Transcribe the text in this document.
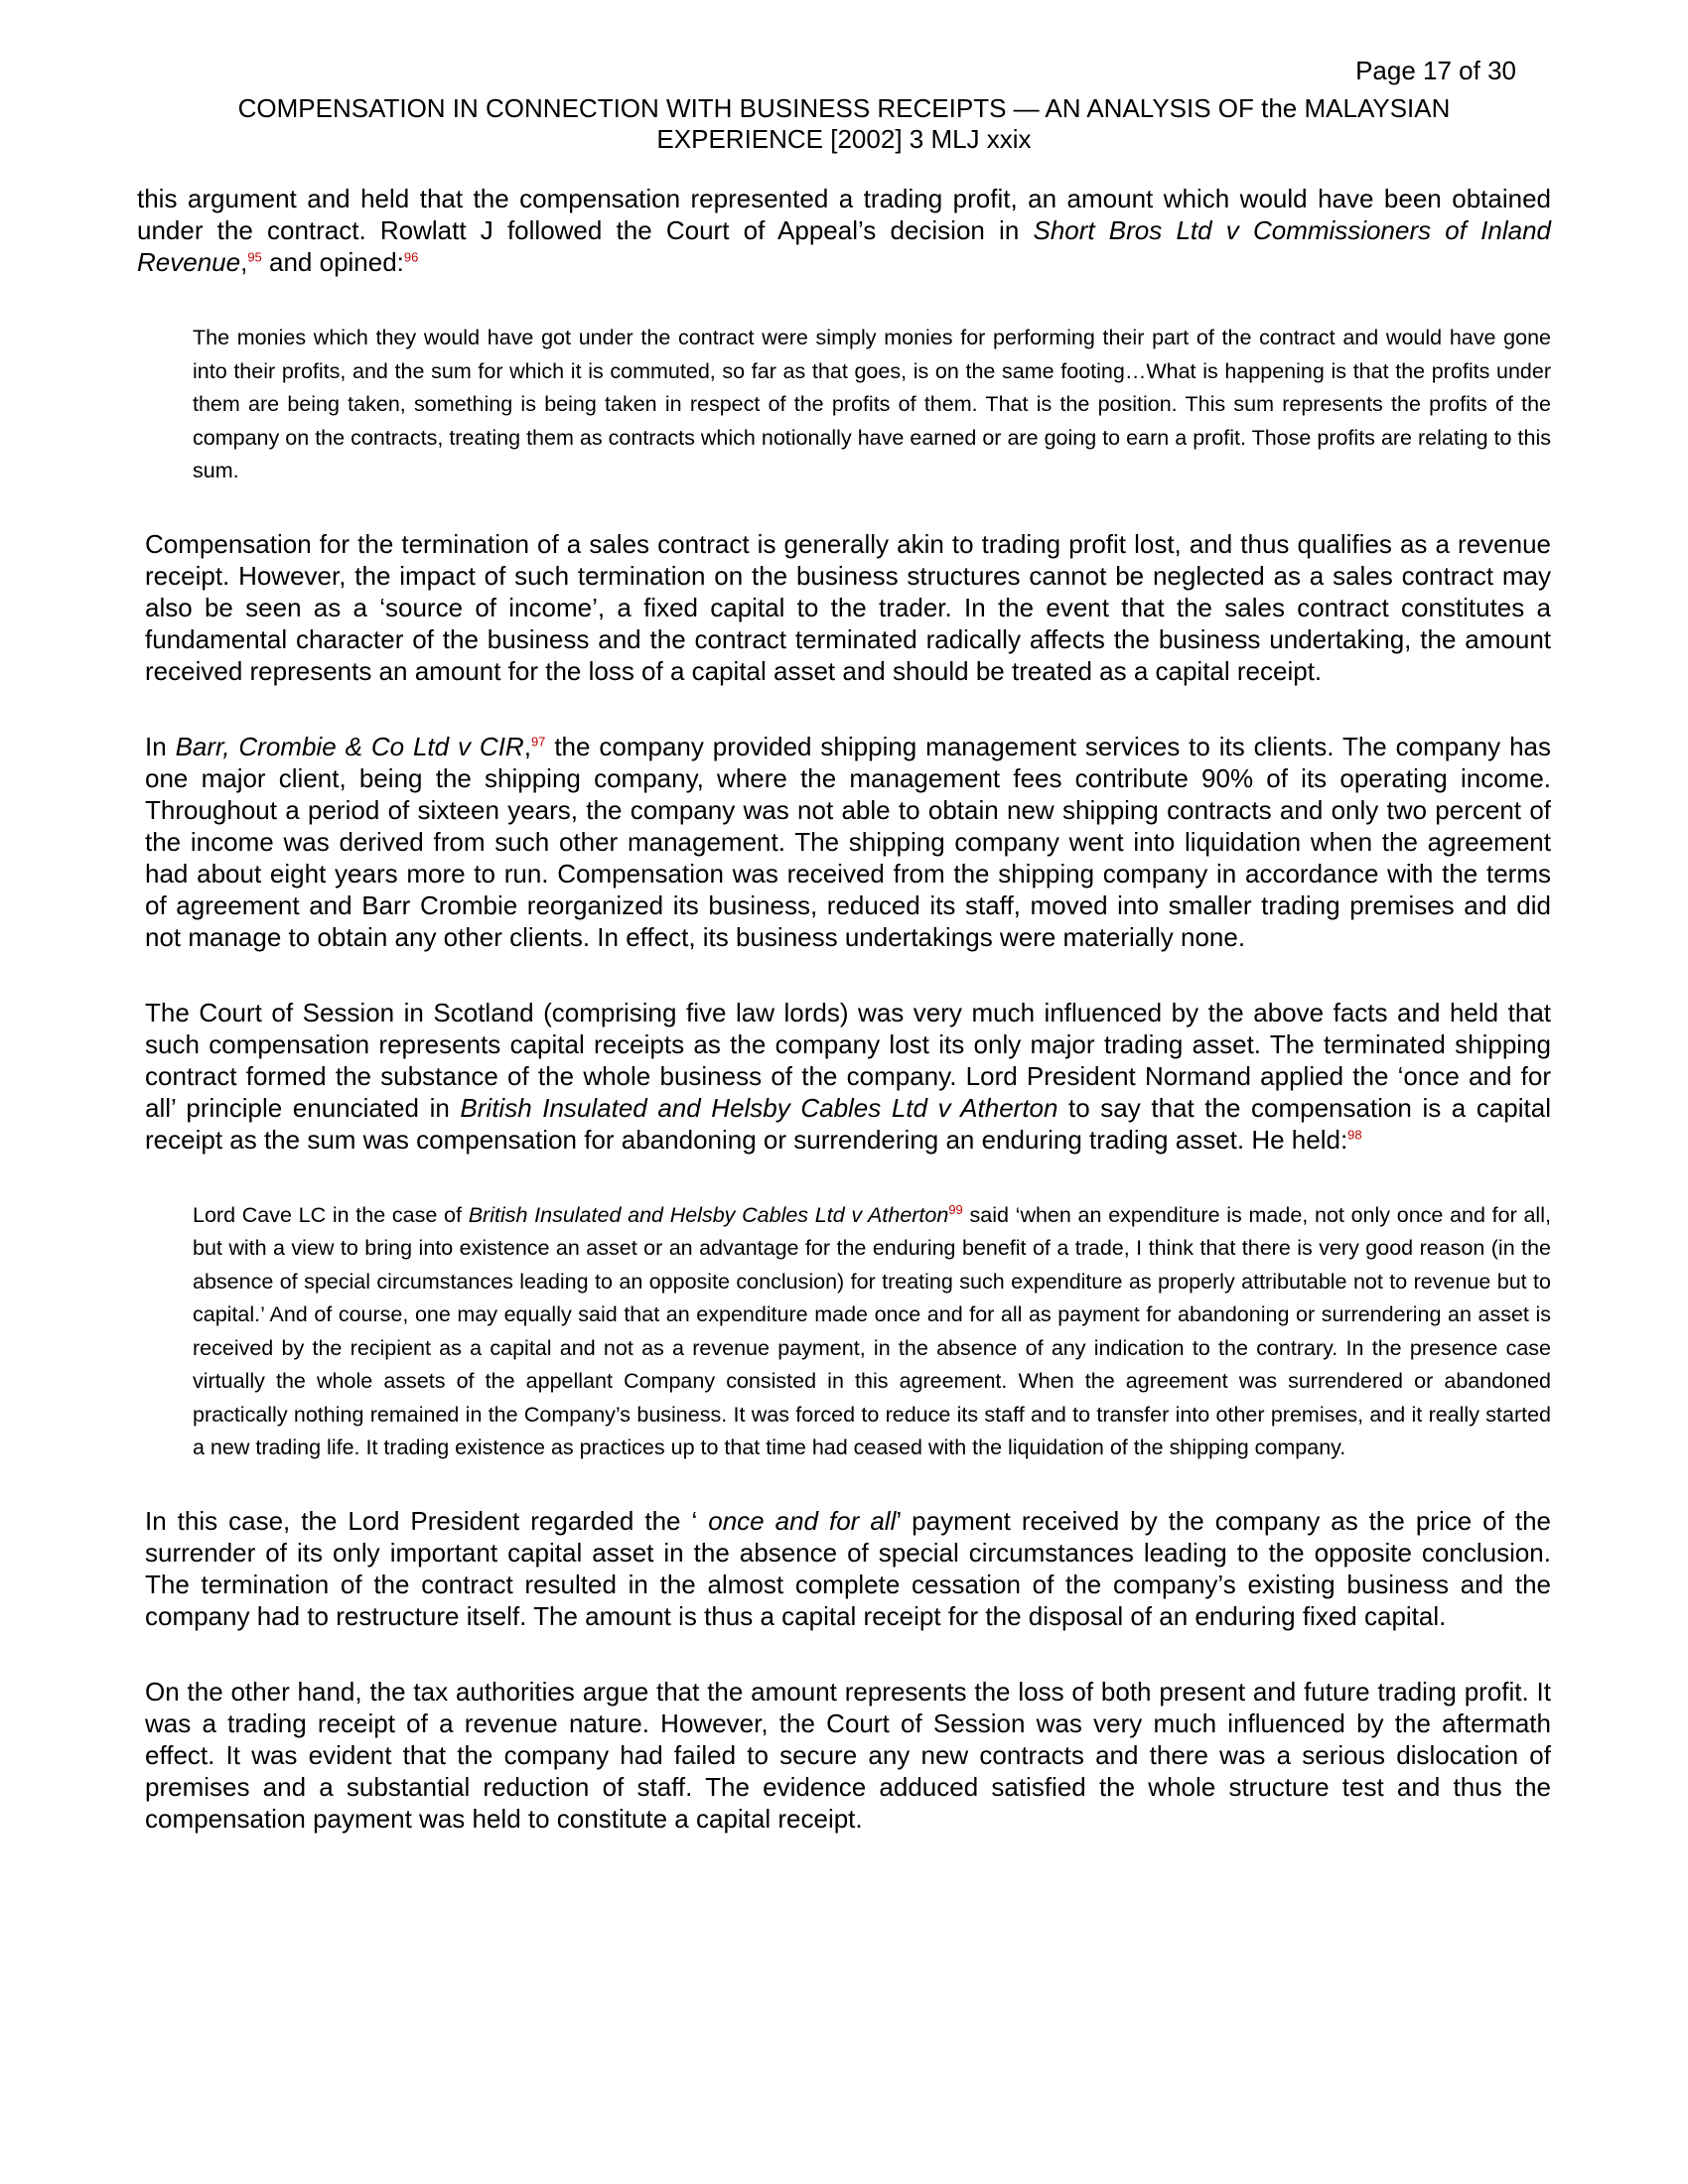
Page 17 of 30
COMPENSATION IN CONNECTION WITH BUSINESS RECEIPTS — AN ANALYSIS OF the MALAYSIAN
EXPERIENCE [2002] 3 MLJ xxix

this argument and held that the compensation represented a trading profit, an amount which would have been obtained under the contract. Rowlatt J followed the Court of Appeal’s decision in Short Bros Ltd v Commissioners of Inland Revenue,$^{95}$ and opined:$^{96}$

The monies which they would have got under the contract were simply monies for performing their part of the contract and would have gone into their profits, and the sum for which it is commuted, so far as that goes, is on the same footing…What is happening is that the profits under them are being taken, something is being taken in respect of the profits of them. That is the position. This sum represents the profits of the company on the contracts, treating them as contracts which notionally have earned or are going to earn a profit. Those profits are relating to this sum.

Compensation for the termination of a sales contract is generally akin to trading profit lost, and thus qualifies as a revenue receipt. However, the impact of such termination on the business structures cannot be neglected as a sales contract may also be seen as a ‘source of income’, a fixed capital to the trader. In the event that the sales contract constitutes a fundamental character of the business and the contract terminated radically affects the business undertaking, the amount received represents an amount for the loss of a capital asset and should be treated as a capital receipt.

In Barr, Crombie & Co Ltd v CIR,$^{97}$ the company provided shipping management services to its clients. The company has one major client, being the shipping company, where the management fees contribute 90% of its operating income. Throughout a period of sixteen years, the company was not able to obtain new shipping contracts and only two percent of the income was derived from such other management. The shipping company went into liquidation when the agreement had about eight years more to run. Compensation was received from the shipping company in accordance with the terms of agreement and Barr Crombie reorganized its business, reduced its staff, moved into smaller trading premises and did not manage to obtain any other clients. In effect, its business undertakings were materially none.

The Court of Session in Scotland (comprising five law lords) was very much influenced by the above facts and held that such compensation represents capital receipts as the company lost its only major trading asset. The terminated shipping contract formed the substance of the whole business of the company. Lord President Normand applied the ‘once and for all’ principle enunciated in British Insulated and Helsby Cables Ltd v Atherton to say that the compensation is a capital receipt as the sum was compensation for abandoning or surrendering an enduring trading asset. He held:$^{98}$

Lord Cave LC in the case of British Insulated and Helsby Cables Ltd v Atherton$^{99}$ said ‘when an expenditure is made, not only once and for all, but with a view to bring into existence an asset or an advantage for the enduring benefit of a trade, I think that there is very good reason (in the absence of special circumstances leading to an opposite conclusion) for treating such expenditure as properly attributable not to revenue but to capital.’ And of course, one may equally said that an expenditure made once and for all as payment for abandoning or surrendering an asset is received by the recipient as a capital and not as a revenue payment, in the absence of any indication to the contrary. In the presence case virtually the whole assets of the appellant Company consisted in this agreement. When the agreement was surrendered or abandoned practically nothing remained in the Company’s business. It was forced to reduce its staff and to transfer into other premises, and it really started a new trading life. It trading existence as practices up to that time had ceased with the liquidation of the shipping company.

In this case, the Lord President regarded the ‘ once and for all’ payment received by the company as the price of the surrender of its only important capital asset in the absence of special circumstances leading to the opposite conclusion. The termination of the contract resulted in the almost complete cessation of the company’s existing business and the company had to restructure itself. The amount is thus a capital receipt for the disposal of an enduring fixed capital.

On the other hand, the tax authorities argue that the amount represents the loss of both present and future trading profit. It was a trading receipt of a revenue nature. However, the Court of Session was very much influenced by the aftermath effect. It was evident that the company had failed to secure any new contracts and there was a serious dislocation of premises and a substantial reduction of staff. The evidence adduced satisfied the whole structure test and thus the compensation payment was held to constitute a capital receipt.
